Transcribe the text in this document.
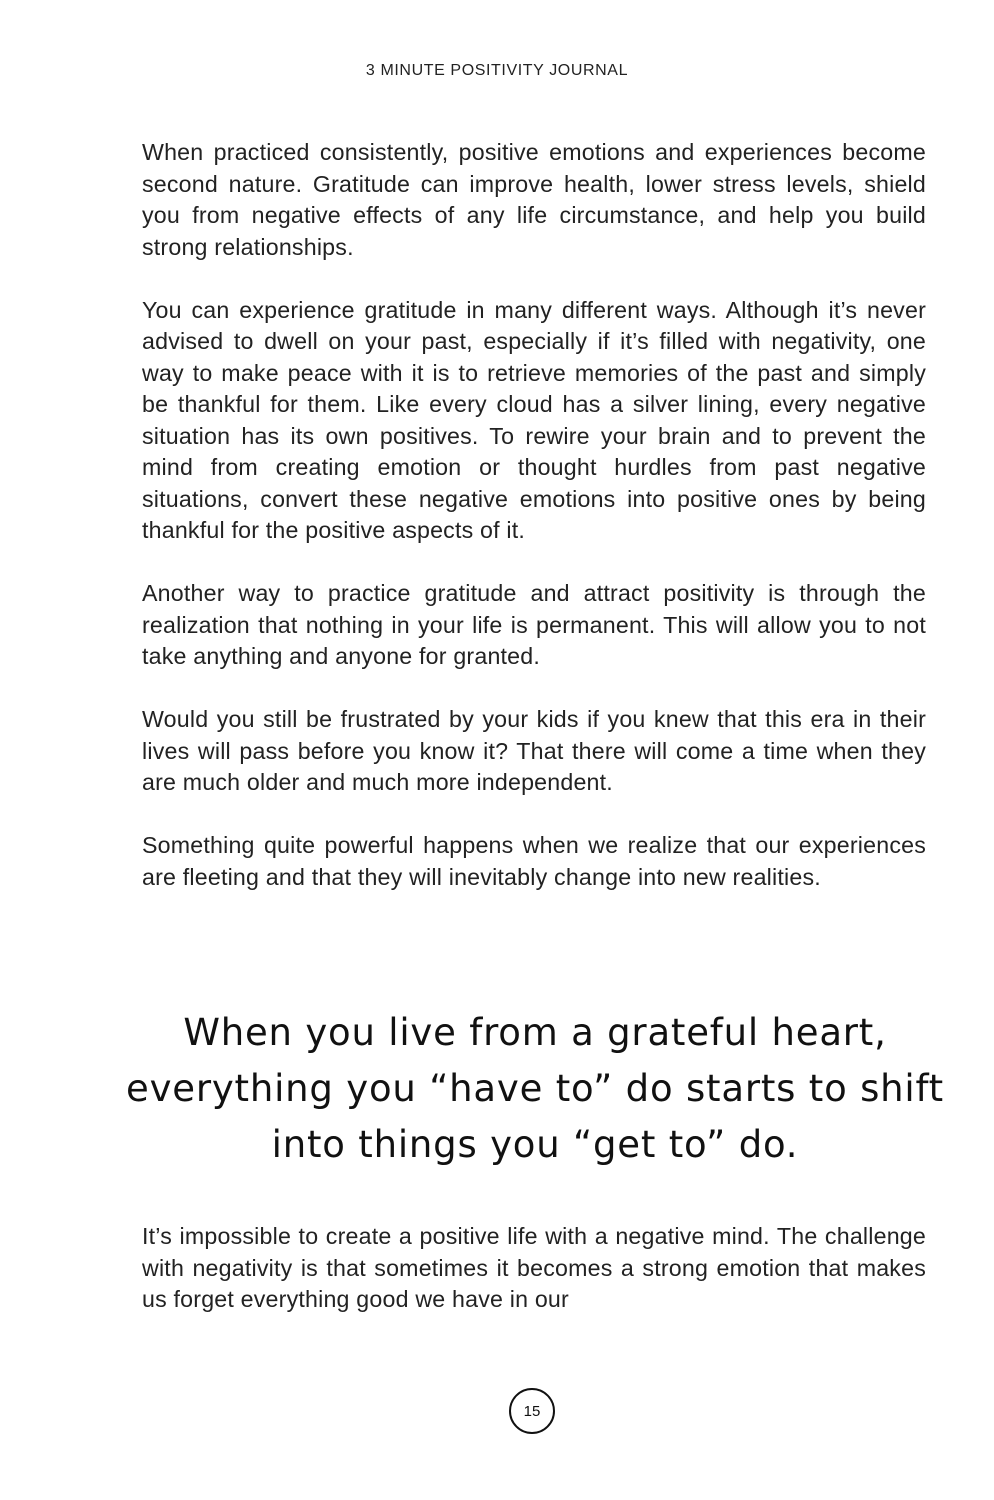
3 MINUTE POSITIVITY JOURNAL

When practiced consistently, positive emotions and experiences become second nature. Gratitude can improve health, lower stress levels, shield you from negative effects of any life circumstance, and help you build strong relationships.

You can experience gratitude in many different ways. Although it’s never advised to dwell on your past, especially if it’s filled with negativity, one way to make peace with it is to retrieve memories of the past and simply be thankful for them. Like every cloud has a silver lining, every negative situation has its own positives. To rewire your brain and to prevent the mind from creating emotion or thought hurdles from past negative situations, convert these negative emotions into positive ones by being thankful for the positive aspects of it.

Another way to practice gratitude and attract positivity is through the realization that nothing in your life is permanent. This will allow you to not take anything and anyone for granted.

Would you still be frustrated by your kids if you knew that this era in their lives will pass before you know it? That there will come a time when they are much older and much more independent.

Something quite powerful happens when we realize that our experiences are fleeting and that they will inevitably change into new realities.

When you live from a grateful heart, everything you “have to” do starts to shift into things you “get to” do.

It’s impossible to create a positive life with a negative mind. The challenge with negativity is that sometimes it becomes a strong emotion that makes us forget everything good we have in our

15
